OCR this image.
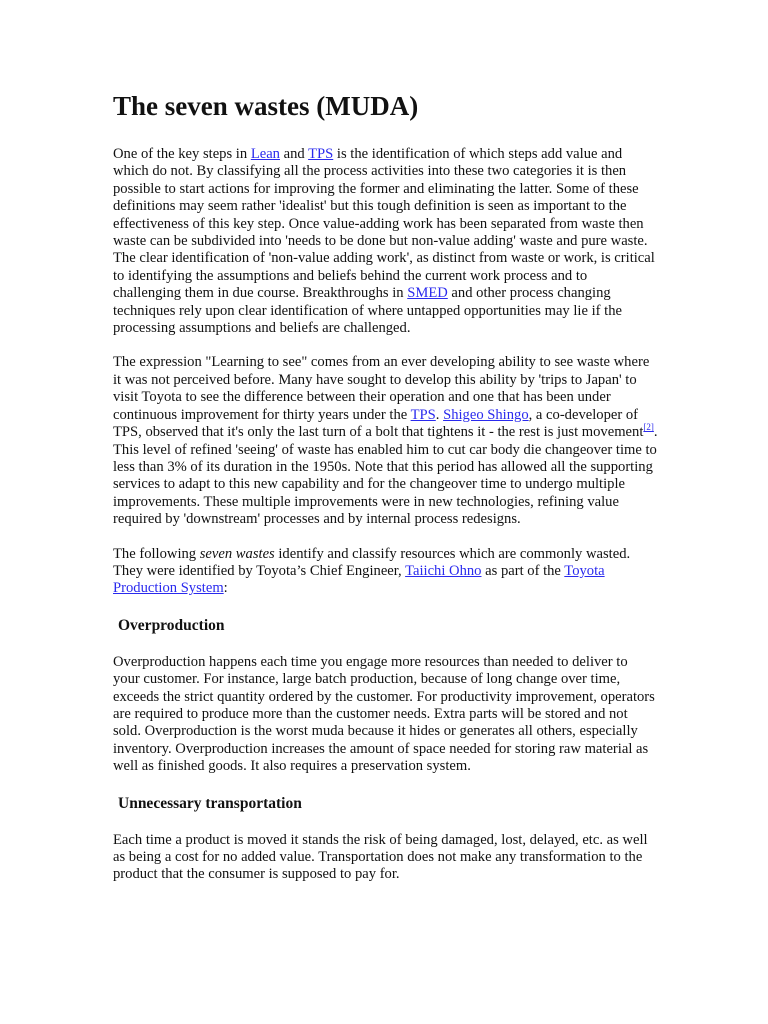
The seven wastes (MUDA)

One of the key steps in Lean and TPS is the identification of which steps add value and which do not. By classifying all the process activities into these two categories it is then possible to start actions for improving the former and eliminating the latter. Some of these definitions may seem rather 'idealist' but this tough definition is seen as important to the effectiveness of this key step. Once value-adding work has been separated from waste then waste can be subdivided into 'needs to be done but non-value adding' waste and pure waste. The clear identification of 'non-value adding work', as distinct from waste or work, is critical to identifying the assumptions and beliefs behind the current work process and to challenging them in due course. Breakthroughs in SMED and other process changing techniques rely upon clear identification of where untapped opportunities may lie if the processing assumptions and beliefs are challenged.

The expression "Learning to see" comes from an ever developing ability to see waste where it was not perceived before. Many have sought to develop this ability by 'trips to Japan' to visit Toyota to see the difference between their operation and one that has been under continuous improvement for thirty years under the TPS. Shigeo Shingo, a co-developer of TPS, observed that it's only the last turn of a bolt that tightens it - the rest is just movement[2]. This level of refined 'seeing' of waste has enabled him to cut car body die changeover time to less than 3% of its duration in the 1950s. Note that this period has allowed all the supporting services to adapt to this new capability and for the changeover time to undergo multiple improvements. These multiple improvements were in new technologies, refining value required by 'downstream' processes and by internal process redesigns.

The following seven wastes identify and classify resources which are commonly wasted. They were identified by Toyota’s Chief Engineer, Taiichi Ohno as part of the Toyota Production System:

Overproduction

Overproduction happens each time you engage more resources than needed to deliver to your customer. For instance, large batch production, because of long change over time, exceeds the strict quantity ordered by the customer. For productivity improvement, operators are required to produce more than the customer needs. Extra parts will be stored and not sold. Overproduction is the worst muda because it hides or generates all others, especially inventory. Overproduction increases the amount of space needed for storing raw material as well as finished goods. It also requires a preservation system.

Unnecessary transportation

Each time a product is moved it stands the risk of being damaged, lost, delayed, etc. as well as being a cost for no added value. Transportation does not make any transformation to the product that the consumer is supposed to pay for.
